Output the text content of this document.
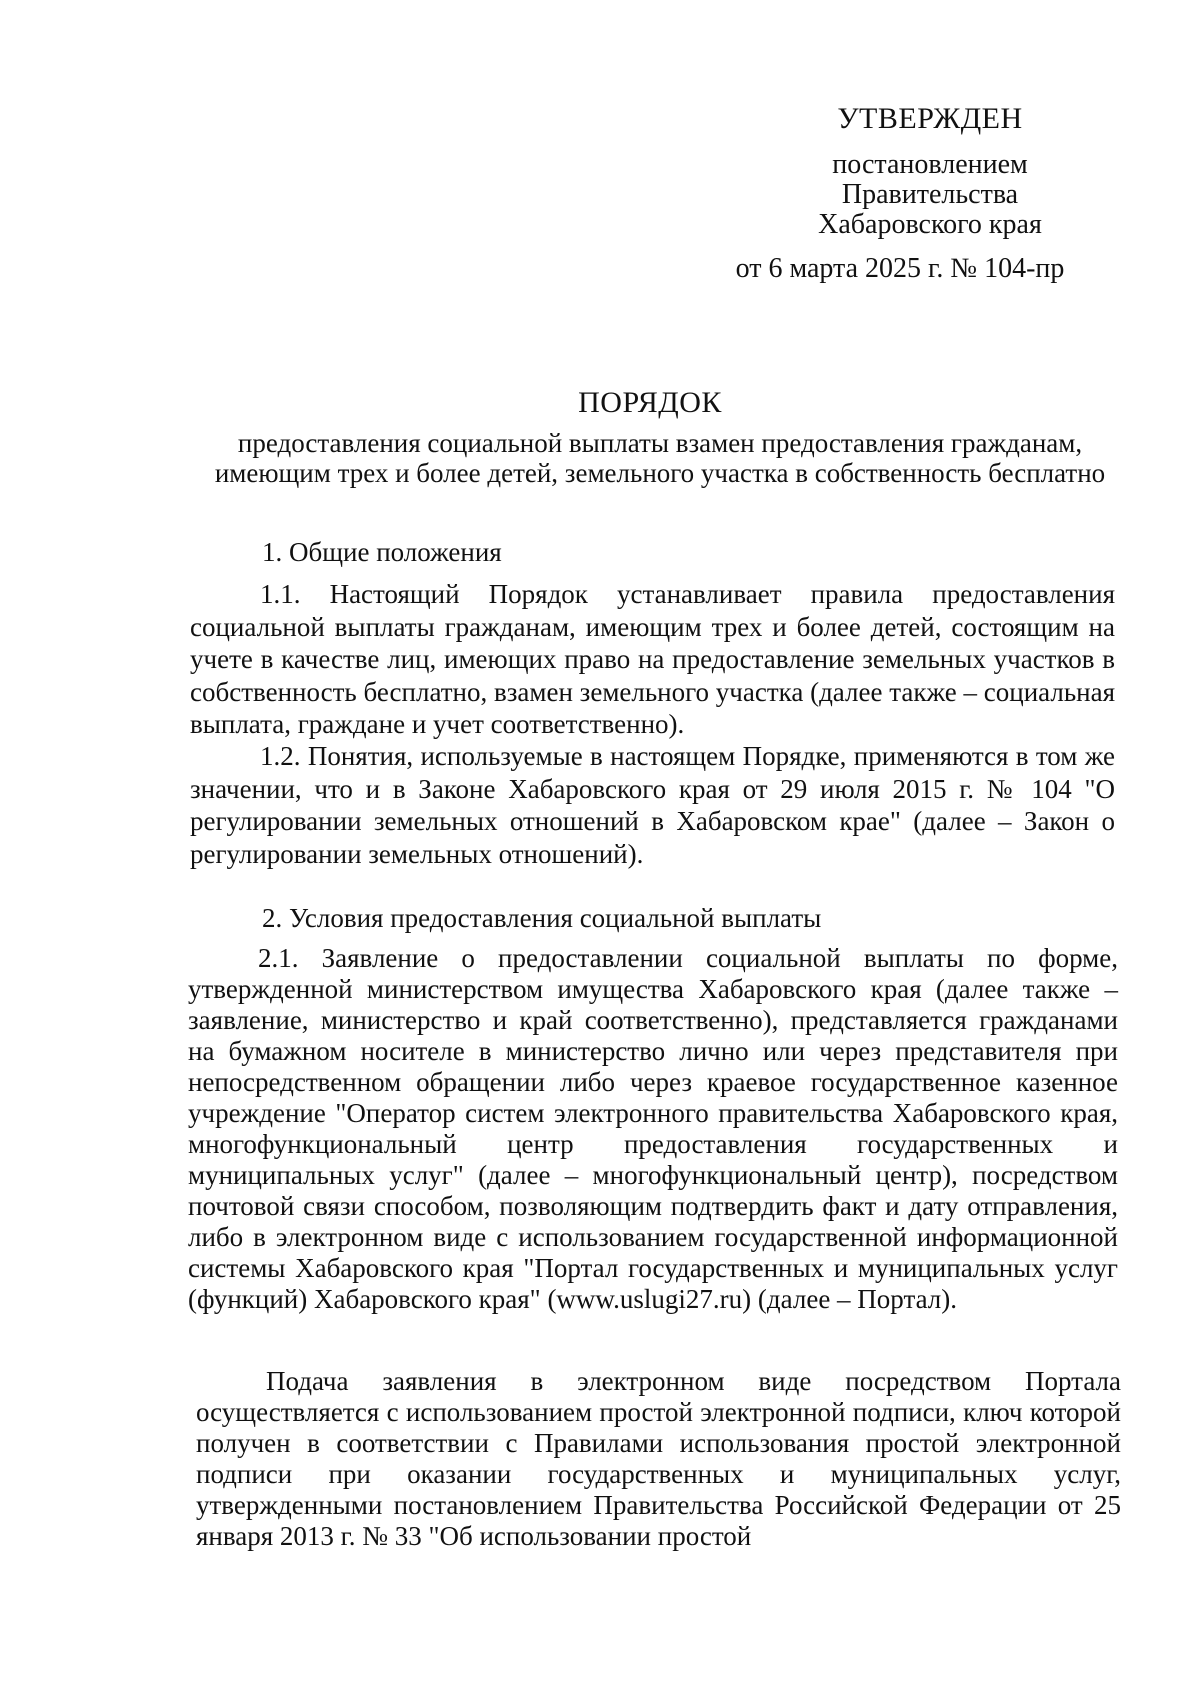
УТВЕРЖДЕН
постановлением
Правительства
Хабаровского края
от 6 марта 2025 г. № 104-пр
ПОРЯДОК
предоставления социальной выплаты взамен предоставления гражданам, имеющим трех и более детей, земельного участка в собственность бесплатно
1. Общие положения
1.1. Настоящий Порядок устанавливает правила предоставления социальной выплаты гражданам, имеющим трех и более детей, состоящим на учете в качестве лиц, имеющих право на предоставление земельных участков в собственность бесплатно, взамен земельного участка (далее также – социальная выплата, граждане и учет соответственно).
1.2. Понятия, используемые в настоящем Порядке, применяются в том же значении, что и в Законе Хабаровского края от 29 июля 2015 г. № 104 "О регулировании земельных отношений в Хабаровском крае" (далее – Закон о регулировании земельных отношений).
2. Условия предоставления социальной выплаты
2.1. Заявление о предоставлении социальной выплаты по форме, утвержденной министерством имущества Хабаровского края (далее также – заявление, министерство и край соответственно), представляется гражданами на бумажном носителе в министерство лично или через представителя при непосредственном обращении либо через краевое государственное казенное учреждение "Оператор систем электронного правительства Хабаровского края, многофункциональный центр предоставления государственных и муниципальных услуг" (далее – многофункциональный центр), посредством почтовой связи способом, позволяющим подтвердить факт и дату отправления, либо в электронном виде с использованием государственной информационной системы Хабаровского края "Портал государственных и муниципальных услуг (функций) Хабаровского края" (www.uslugi27.ru) (далее – Портал).
Подача заявления в электронном виде посредством Портала осуществляется с использованием простой электронной подписи, ключ которой получен в соответствии с Правилами использования простой электронной подписи при оказании государственных и муниципальных услуг, утвержденными постановлением Правительства Российской Федерации от 25 января 2013 г. № 33 "Об использовании простой
